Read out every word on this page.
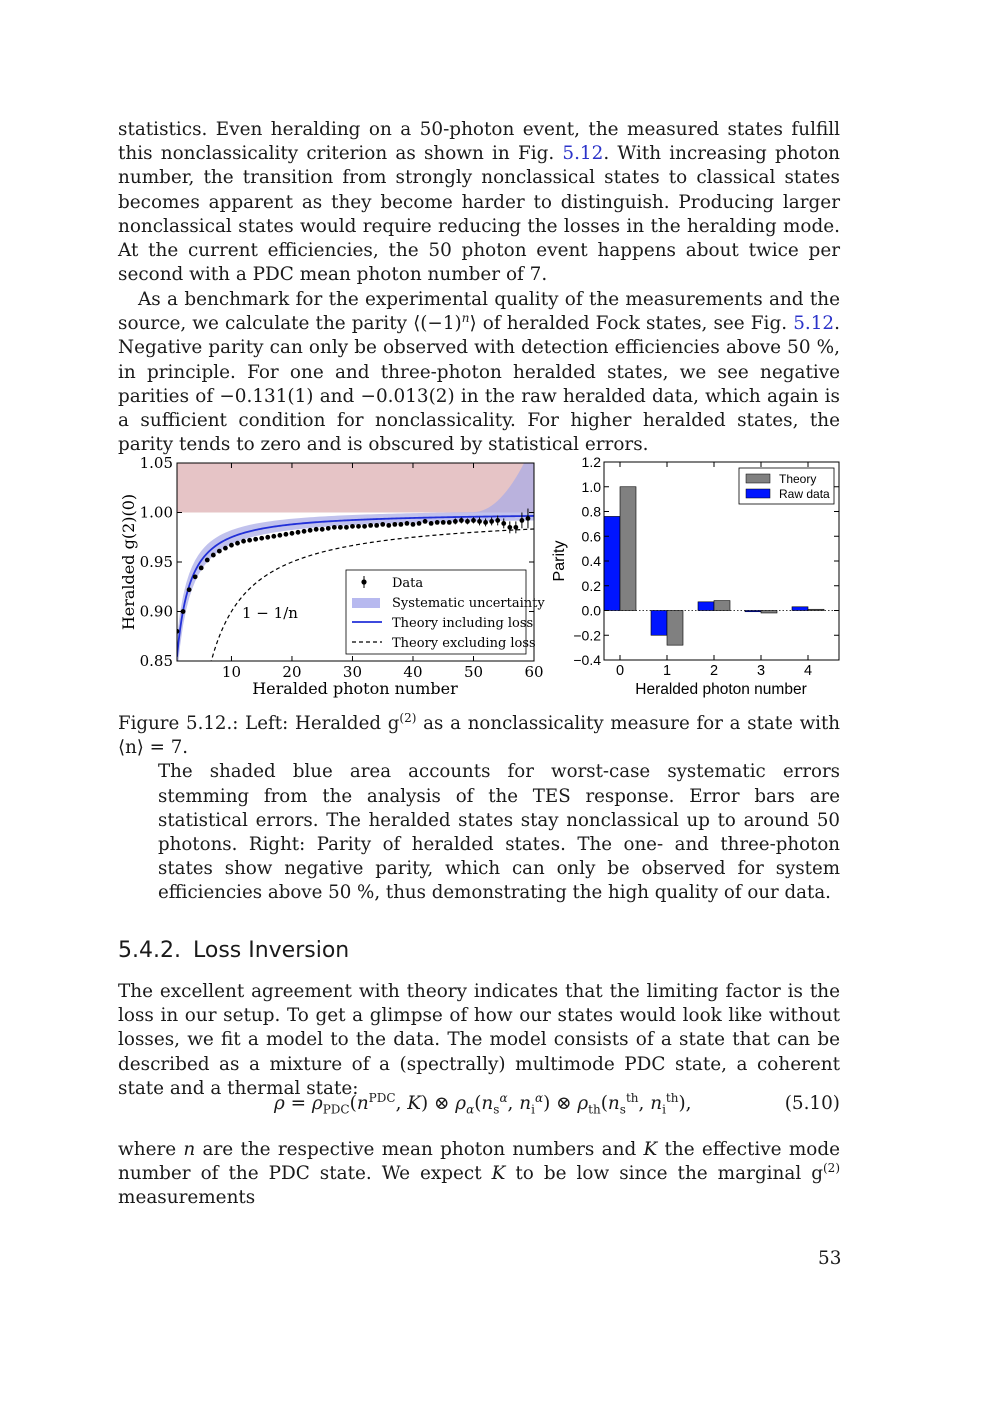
statistics. Even heralding on a 50-photon event, the measured states fulfill this nonclassicality criterion as shown in Fig. 5.12. With increasing photon number, the transition from strongly nonclassical states to classical states becomes apparent as they become harder to distinguish. Producing larger nonclassical states would require reducing the losses in the heralding mode. At the current efficiencies, the 50 photon event happens about twice per second with a PDC mean photon number of 7.

As a benchmark for the experimental quality of the measurements and the source, we calculate the parity $⟨(-1)^n⟩$ of heralded Fock states, see Fig. 5.12. Negative parity can only be observed with detection efficiencies above 50 %, in principle. For one and three-photon heralded states, we see negative parities of −0.131(1) and −0.013(2) in the raw heralded data, which again is a sufficient condition for nonclassicality. For higher heralded states, the parity tends to zero and is obscured by statistical errors.

10	20	30	40	50	60
0.85
0.90
0.95
1.00
1.05
Heralded g(2)(0)
Heralded photon number
1 − 1/n
Data
Systematic uncertainty
Theory including loss
Theory excluding loss
0	1	2	3	4
−0.4
−0.2
0.0
0.2
0.4
0.6
0.8
1.0
1.2
Parity
Heralded photon number
Theory
Raw data
Figure 5.12.: Left: Heralded $g^{(2)}$ as a nonclassicality measure for a state with ⟨n⟩ = 7.
The shaded blue area accounts for worst-case systematic errors stemming from the analysis of the TES response. Error bars are statistical errors. The heralded states stay nonclassical up to around 50 photons. Right: Parity of heralded states. The one- and three-photon states show negative parity, which can only be observed for system efficiencies above 50 %, thus demonstrating the high quality of our data.
5.4.2. Loss Inversion

The excellent agreement with theory indicates that the limiting factor is the loss in our setup. To get a glimpse of how our states would look like without losses, we fit a model to the data. The model consists of a state that can be described as a mixture of a (spectrally) multimode PDC state, a coherent state and a thermal state:

$\rho = \rho_{PDC}(n^{PDC}$, K) ⊗ $\rho_\alpha(n_s^\alpha$, $n_i^\alpha$) ⊗ $\rho_{th}(n_s^{th}$, $n_i^{th}$),	(5.10)

where n are the respective mean photon numbers and K the effective mode number of the PDC state. We expect K to be low since the marginal $g^{(2)}$ measurements

53
